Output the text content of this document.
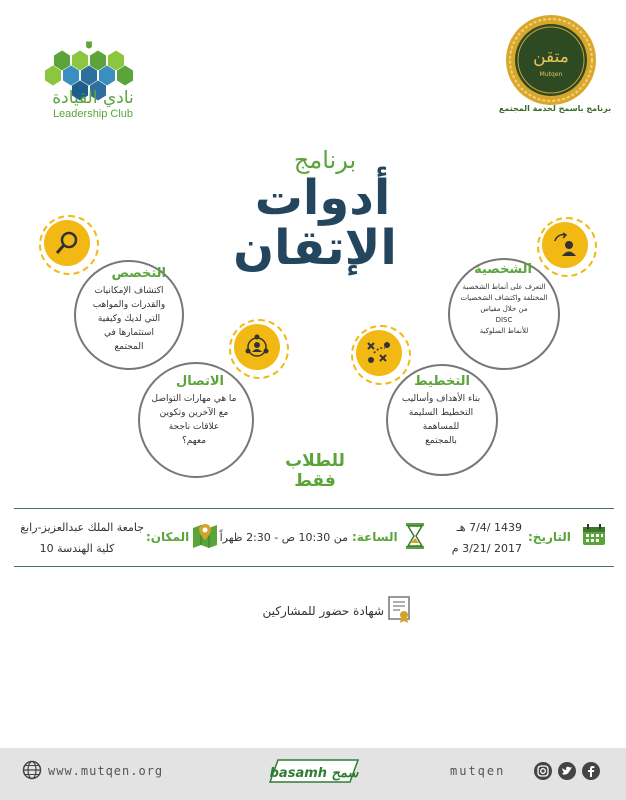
نادي القيادة
Leadership Club
متقن
Mutqen
برنامج باسمح لخدمة المجتمع
برنامج
أدوات
الإتقان	الشخصية
التعرف على أنماط الشخصية
المختلفة واكتشاف الشخصيات
من خلال مقياس
DISC
للأنماط السلوكية
التخصص
اكتشاف الإمكانيات
والقدرات والمواهب
التي لديك وكيفية
استثمارها في
المجتمع
التخطيط
بناء الأهداف وأساليب
التخطيط السليمة
للمساهمة
بالمجتمع
الاتصال
ما هي مهارات التواصل
مع الآخرين وتكوين
علاقات ناجحة
معهم؟
للطلاب فقط
التاريخ:
1439 /7/4 هـ
2017 /3/21 م
الساعة:
من 10:30 ص - 2:30 ظهراً
المكان:
جامعة الملك عبدالعزيز-رابغ
كلية الهندسة 10
شهادة حضور للمشاركين
www.mutqen.org	basamh سمح	mutqen
